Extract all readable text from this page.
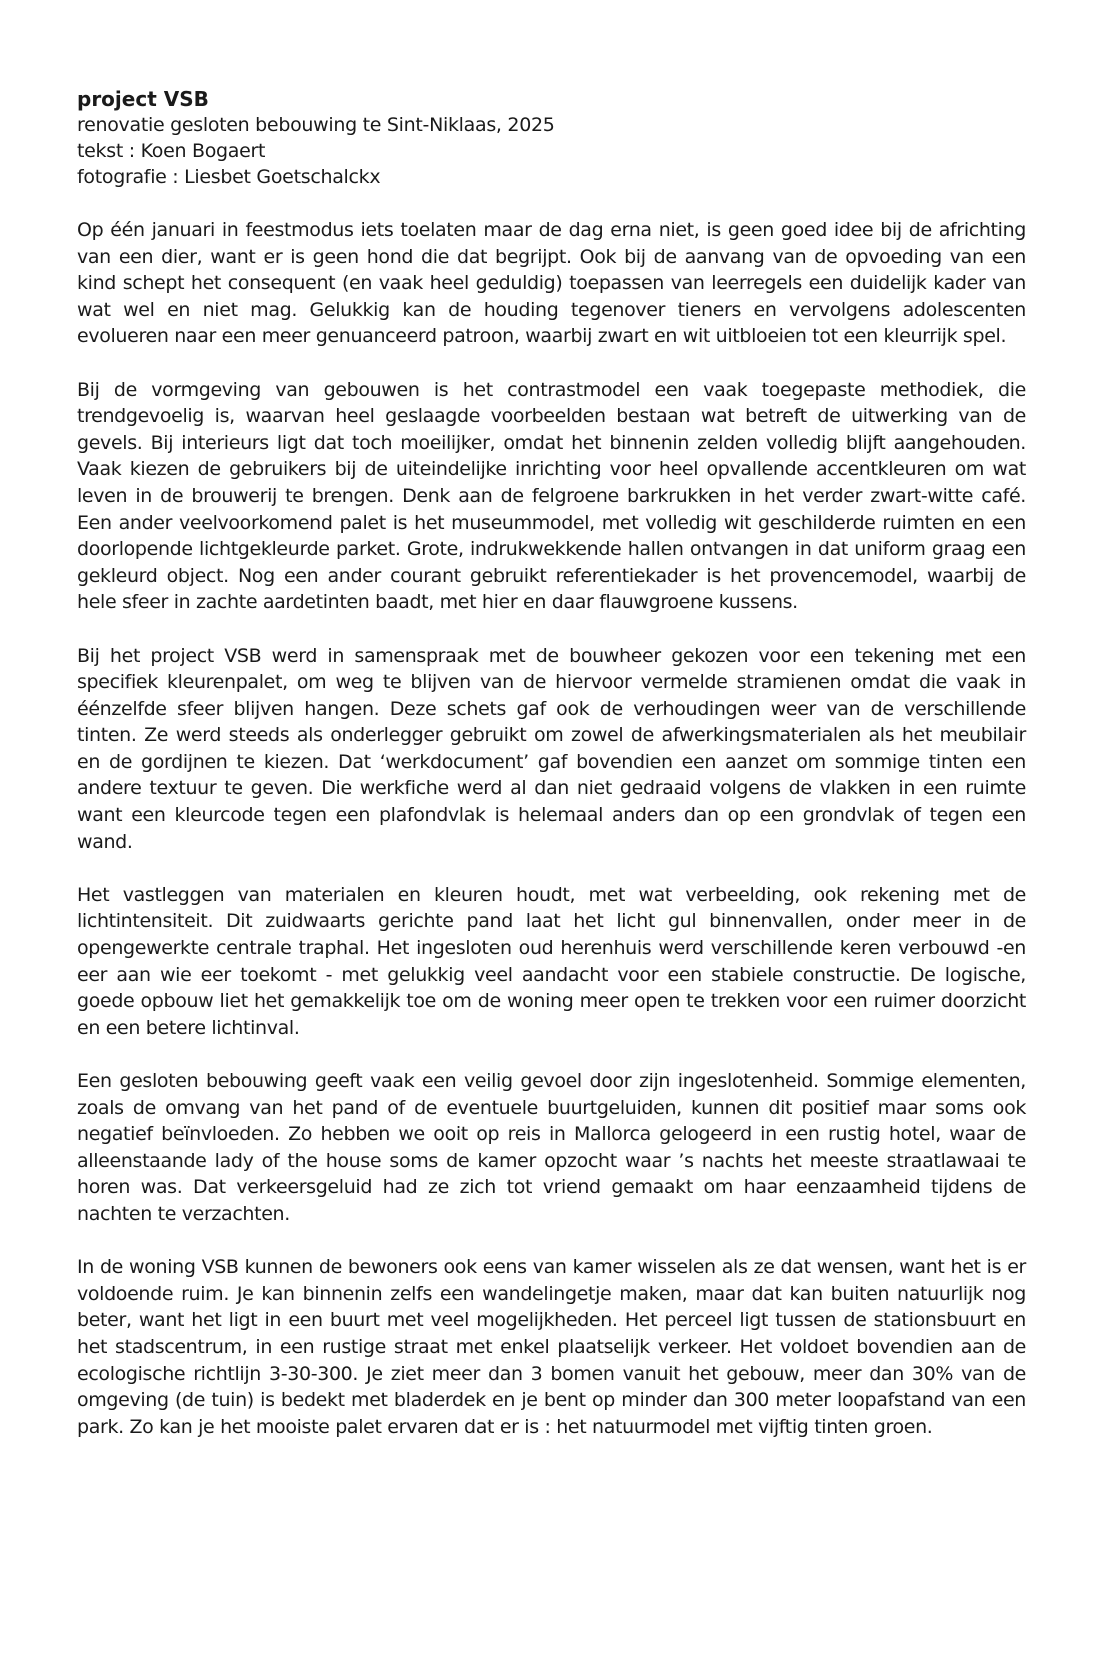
project VSB

renovatie gesloten bebouwing te Sint-Niklaas, 2025

tekst : Koen Bogaert

fotografie : Liesbet Goetschalckx

Op één januari in feestmodus iets toelaten maar de dag erna niet, is geen goed idee bij de africhting van een dier, want er is geen hond die dat begrijpt. Ook bij de aanvang van de opvoeding van een kind schept het consequent (en vaak heel geduldig) toepassen van leerregels een duidelijk kader van wat wel en niet mag. Gelukkig kan de houding tegenover tieners en vervolgens adolescenten evolueren naar een meer genuanceerd patroon, waarbij zwart en wit uitbloeien tot een kleurrijk spel.

Bij de vormgeving van gebouwen is het contrastmodel een vaak toegepaste methodiek, die trendgevoelig is, waarvan heel geslaagde voorbeelden bestaan wat betreft de uitwerking van de gevels. Bij interieurs ligt dat toch moeilijker, omdat het binnenin zelden volledig blijft aangehouden. Vaak kiezen de gebruikers bij de uiteindelijke inrichting voor heel opvallende accentkleuren om wat leven in de brouwerij te brengen. Denk aan de felgroene barkrukken in het verder zwart-witte café.    Een ander veelvoorkomend palet is het museummodel, met volledig wit geschilderde ruimten en een doorlopende lichtgekleurde parket. Grote, indrukwekkende hallen ontvangen in dat uniform graag een gekleurd object. Nog een ander courant gebruikt referentiekader is het provencemodel, waarbij de hele sfeer in zachte aardetinten baadt, met hier en daar flauwgroene kussens.

Bij het project VSB werd in samenspraak met de bouwheer gekozen voor een tekening met een specifiek kleurenpalet, om weg te blijven van de hiervoor vermelde stramienen omdat die vaak in éénzelfde sfeer blijven hangen. Deze schets gaf ook de verhoudingen weer van de verschillende tinten. Ze werd steeds als onderlegger gebruikt om zowel de afwerkingsmaterialen als het meubilair en de gordijnen te kiezen. Dat ‘werkdocument’ gaf bovendien een aanzet om sommige tinten een andere textuur te geven. Die werkfiche werd al dan niet gedraaid volgens de vlakken in een ruimte want een kleurcode tegen een plafondvlak is helemaal anders dan op een grondvlak of tegen een wand.

Het vastleggen van materialen en kleuren houdt, met wat verbeelding, ook rekening met de lichtintensiteit. Dit zuidwaarts gerichte pand laat het licht gul binnenvallen, onder meer in de opengewerkte centrale traphal. Het ingesloten oud herenhuis werd verschillende keren verbouwd -en eer aan wie eer toekomt - met gelukkig veel aandacht voor een stabiele constructie. De logische, goede opbouw liet het gemakkelijk toe om de woning meer open te trekken voor een ruimer doorzicht en een betere lichtinval.

Een gesloten bebouwing geeft vaak een veilig gevoel door zijn ingeslotenheid. Sommige elementen, zoals de omvang van het pand of de eventuele buurtgeluiden, kunnen dit positief maar soms ook negatief beïnvloeden. Zo hebben we ooit op reis in Mallorca gelogeerd in een rustig hotel, waar de alleenstaande lady of the house soms de kamer opzocht waar ’s nachts het meeste straatlawaai te horen was. Dat verkeersgeluid had ze zich tot vriend gemaakt om haar eenzaamheid tijdens de nachten te verzachten.

In de woning VSB kunnen de bewoners ook eens van kamer wisselen als ze dat wensen, want het is er voldoende ruim. Je kan binnenin zelfs een wandelingetje maken, maar dat kan buiten natuurlijk nog beter, want het ligt in een buurt met veel mogelijkheden. Het perceel ligt tussen de stationsbuurt en het stadscentrum, in een rustige straat met enkel plaatselijk verkeer. Het voldoet bovendien aan de ecologische richtlijn 3-30-300. Je ziet meer dan 3 bomen vanuit het gebouw, meer dan 30% van de omgeving (de tuin) is bedekt met bladerdek en je bent op minder dan 300 meter loopafstand van een park. Zo kan je het mooiste palet ervaren dat er is : het natuurmodel met vijftig tinten groen.
